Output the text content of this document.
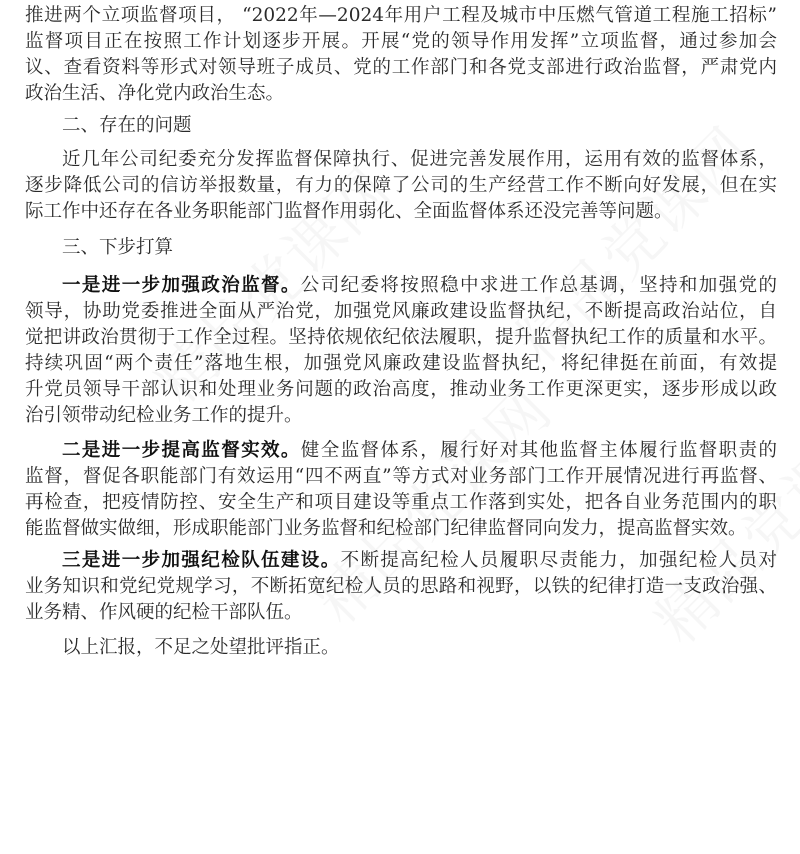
推进两个立项监督项目， “2022年—2024年用户工程及城市中压燃气管道工程施工招标”
监督项目正在按照工作计划逐步开展。开展“党的领导作用发挥”立项监督，通过参加会
议、查看资料等形式对领导班子成员、党的工作部门和各党支部进行政治监督，严肃党内
政治生活、净化党内政治生态。
二、存在的问题
近几年公司纪委充分发挥监督保障执行、促进完善发展作用，运用有效的监督体系，
逐步降低公司的信访举报数量，有力的保障了公司的生产经营工作不断向好发展，但在实
际工作中还存在各业务职能部门监督作用弱化、全面监督体系还没完善等问题。
三、下步打算
一是进一步加强政治监督。公司纪委将按照稳中求进工作总基调，坚持和加强党的
领导，协助党委推进全面从严治党，加强党风廉政建设监督执纪，不断提高政治站位，自
觉把讲政治贯彻于工作全过程。坚持依规依纪依法履职，提升监督执纪工作的质量和水平。
持续巩固“两个责任”落地生根，加强党风廉政建设监督执纪，将纪律挺在前面，有效提
升党员领导干部认识和处理业务问题的政治高度，推动业务工作更深更实，逐步形成以政
治引领带动纪检业务工作的提升。
二是进一步提高监督实效。健全监督体系，履行好对其他监督主体履行监督职责的
监督，督促各职能部门有效运用“四不两直”等方式对业务部门工作开展情况进行再监督、
再检查，把疫情防控、安全生产和项目建设等重点工作落到实处，把各自业务范围内的职
能监督做实做细，形成职能部门业务监督和纪检部门纪律监督同向发力，提高监督实效。
三是进一步加强纪检队伍建设。不断提高纪检人员履职尽责能力，加强纪检人员对
业务知识和党纪党规学习，不断拓宽纪检人员的思路和视野，以铁的纪律打造一支政治强、
业务精、作风硬的纪检干部队伍。
以上汇报，不足之处望批评指正。
